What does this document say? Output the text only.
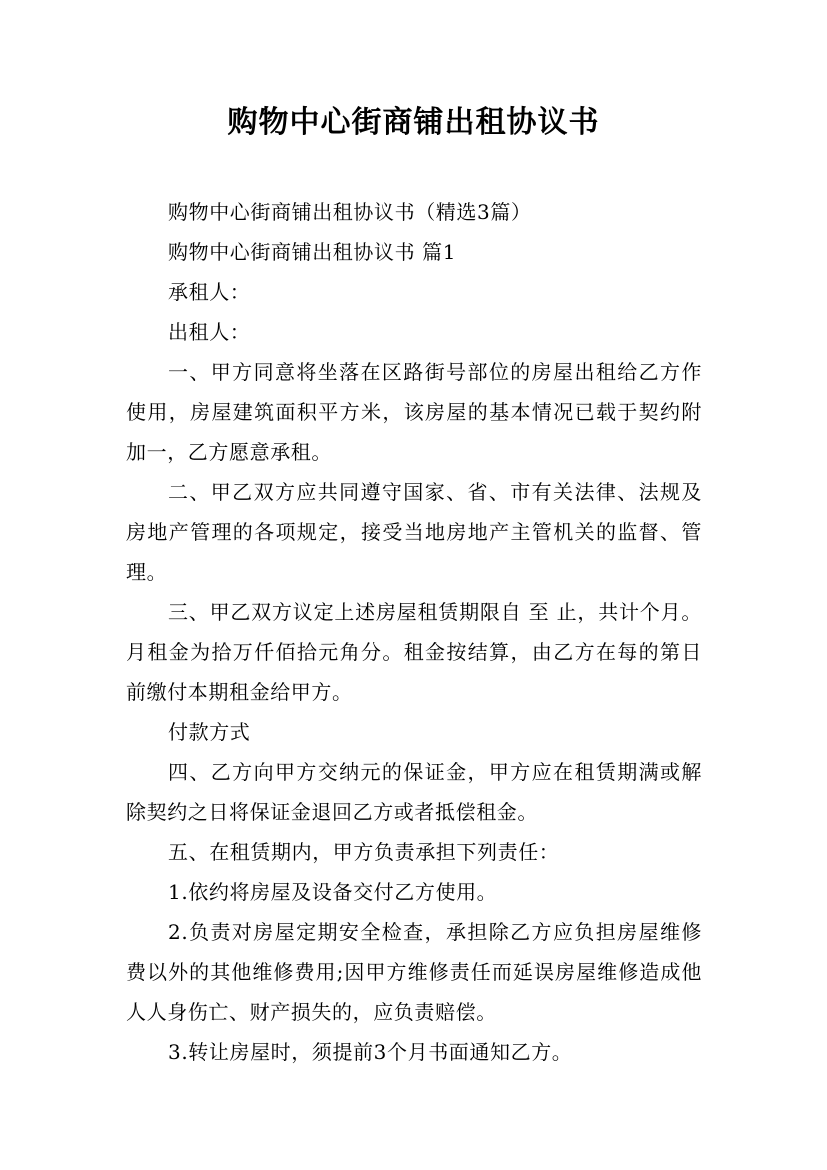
购物中心街商铺出租协议书

购物中心街商铺出租协议书（精选3篇）

购物中心街商铺出租协议书 篇1

承租人：

出租人：

一、甲方同意将坐落在区路街号部位的房屋出租给乙方作使用，房屋建筑面积平方米，该房屋的基本情况已载于契约附加一，乙方愿意承租。

二、甲乙双方应共同遵守国家、省、市有关法律、法规及房地产管理的各项规定，接受当地房地产主管机关的监督、管理。

三、甲乙双方议定上述房屋租赁期限自 至 止，共计个月。月租金为拾万仟佰拾元角分。租金按结算，由乙方在每的第日前缴付本期租金给甲方。

付款方式

四、乙方向甲方交纳元的保证金，甲方应在租赁期满或解除契约之日将保证金退回乙方或者抵偿租金。

五、在租赁期内，甲方负责承担下列责任：

1.依约将房屋及设备交付乙方使用。

2.负责对房屋定期安全检查，承担除乙方应负担房屋维修费以外的其他维修费用;因甲方维修责任而延误房屋维修造成他人人身伤亡、财产损失的，应负责赔偿。

3.转让房屋时，须提前3个月书面通知乙方。
